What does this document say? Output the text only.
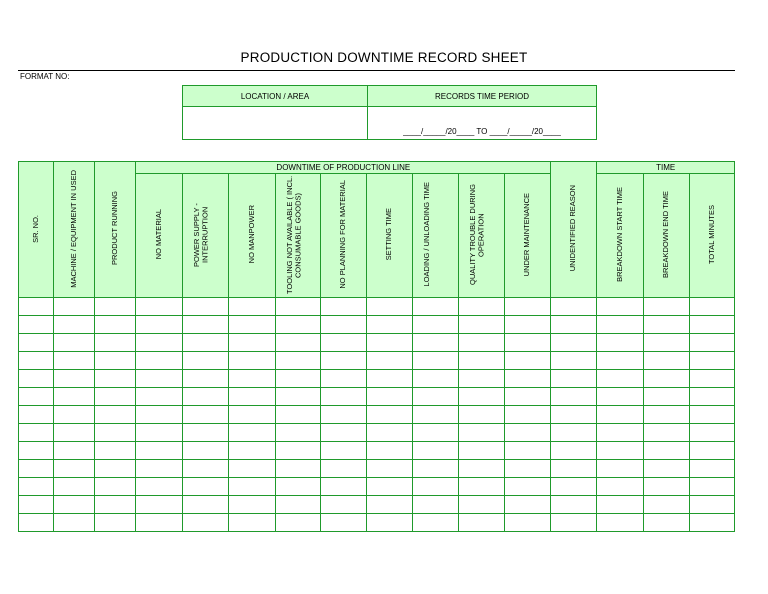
PRODUCTION DOWNTIME RECORD SHEET
FORMAT NO:
LOCATION / AREA	RECORDS TIME PERIOD
	____/_____/20____ TO ____/_____/20____
SR. NO.	MACHINE / EQUIPMENT IN USED	PRODUCT RUNNING	DOWNTIME OF PRODUCTION LINE									UNIDENTIFIED REASON	TIME		
			NO MATERIAL	POWER SUPPLY - INTERRUPTION	NO MANPOWER	TOOLING NOT AVAILABLE ( INCL. CONSUMABLE GOODS)	NO PLANNING FOR MATERIAL	SETTING TIME	LOADING / UNLOADING TIME	QUALITY TROUBLE DURING OPERATION	UNDER MAINTENANCE		BREAKDOWN START TIME	BREAKDOWN END TIME	TOTAL MINUTES
